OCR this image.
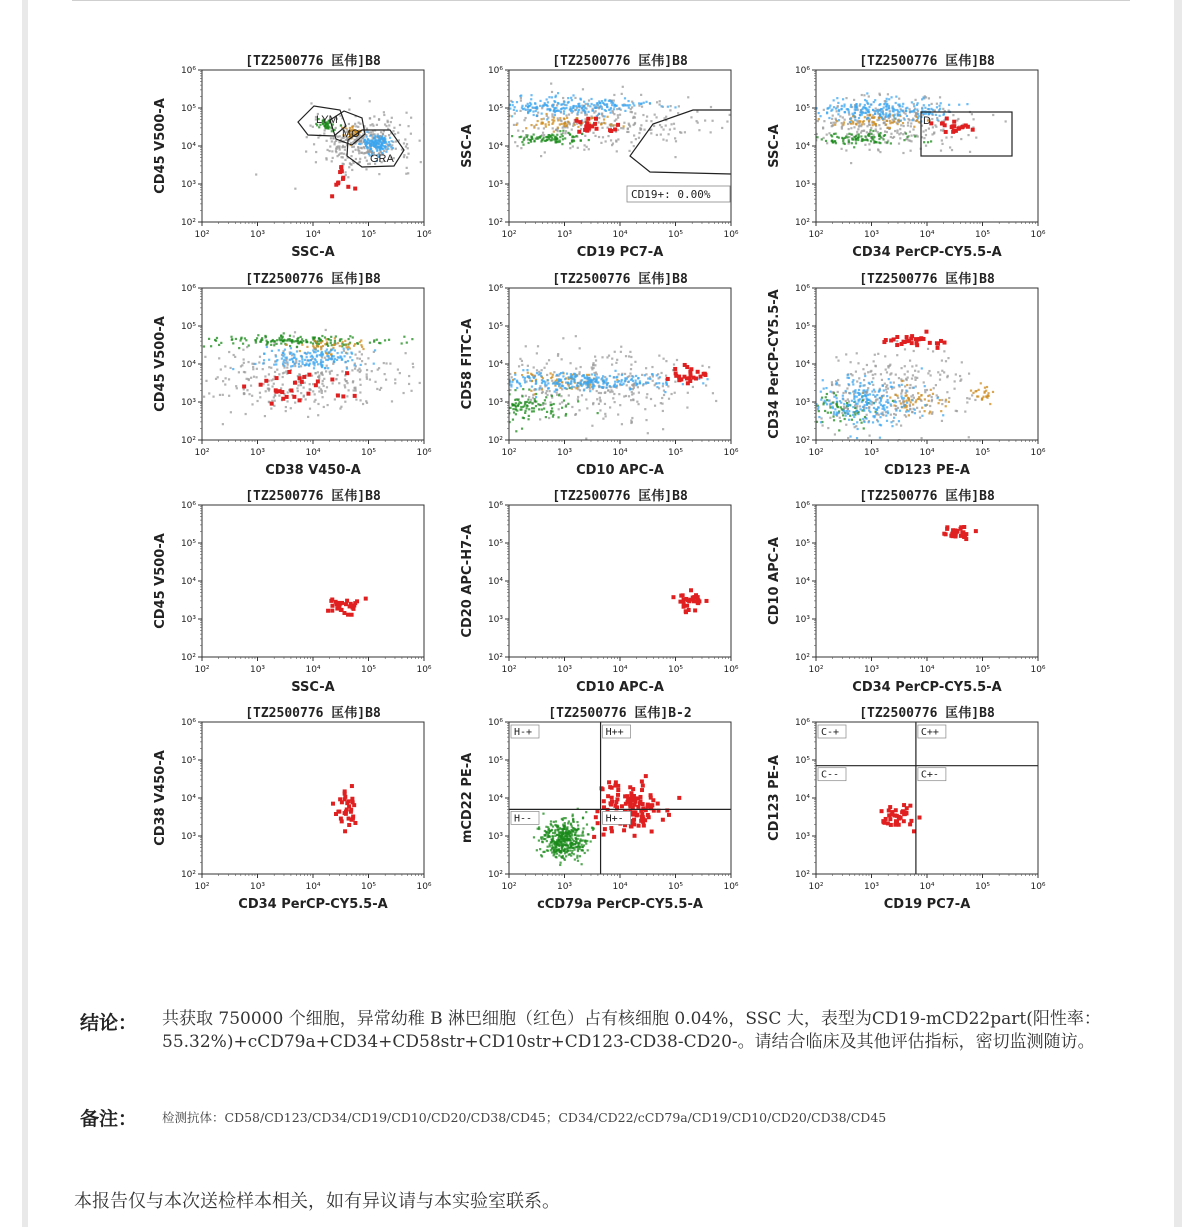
LYM
MO
GRA
10²
10²
10³
10³
10⁴
10⁴
10⁵
10⁵
10⁶
10⁶
[TZ2500776 匡伟]B8
SSC-A
CD45 V500-A
CD19+: 0.00%
10²
10²
10³
10³
10⁴
10⁴
10⁵
10⁵
10⁶
10⁶
[TZ2500776 匡伟]B8
CD19 PC7-A
SSC-A
D
10²
10²
10³
10³
10⁴
10⁴
10⁵
10⁵
10⁶
10⁶
[TZ2500776 匡伟]B8
CD34 PerCP-CY5.5-A
SSC-A
10²
10²
10³
10³
10⁴
10⁴
10⁵
10⁵
10⁶
10⁶
[TZ2500776 匡伟]B8
CD38 V450-A
CD45 V500-A
10²
10²
10³
10³
10⁴
10⁴
10⁵
10⁵
10⁶
10⁶
[TZ2500776 匡伟]B8
CD10 APC-A
CD58 FITC-A
10²
10²
10³
10³
10⁴
10⁴
10⁵
10⁵
10⁶
10⁶
[TZ2500776 匡伟]B8
CD123 PE-A
CD34 PerCP-CY5.5-A
10²
10²
10³
10³
10⁴
10⁴
10⁵
10⁵
10⁶
10⁶
[TZ2500776 匡伟]B8
SSC-A
CD45 V500-A
10²
10²
10³
10³
10⁴
10⁴
10⁵
10⁵
10⁶
10⁶
[TZ2500776 匡伟]B8
CD10 APC-A
CD20 APC-H7-A
10²
10²
10³
10³
10⁴
10⁴
10⁵
10⁵
10⁶
10⁶
[TZ2500776 匡伟]B8
CD34 PerCP-CY5.5-A
CD10 APC-A
10²
10²
10³
10³
10⁴
10⁴
10⁵
10⁵
10⁶
10⁶
[TZ2500776 匡伟]B8
CD34 PerCP-CY5.5-A
CD38 V450-A
H-+	H++
H--	H+-
10²
10²
10³
10³
10⁴
10⁴
10⁵
10⁵
10⁶
10⁶
[TZ2500776 匡伟]B-2
cCD79a PerCP-CY5.5-A
mCD22 PE-A
C-+	C++
C--	C+-
10²
10²
10³
10³
10⁴
10⁴
10⁵
10⁵
10⁶
10⁶
[TZ2500776 匡伟]B8
CD19 PC7-A
CD123 PE-A
结论： 共获取 750000 个细胞，异常幼稚 B 淋巴细胞（红色）占有核细胞 0.04%，SSC 大，表型为CD19-mCD22part(阳性率：55.32%)+cCD79a+CD34+CD58str+CD10str+CD123-CD38-CD20-。请结合临床及其他评估指标，密切监测随访。
备注： 检测抗体：CD58/CD123/CD34/CD19/CD10/CD20/CD38/CD45；CD34/CD22/cCD79a/CD19/CD10/CD20/CD38/CD45
本报告仅与本次送检样本相关，如有异议请与本实验室联系。
